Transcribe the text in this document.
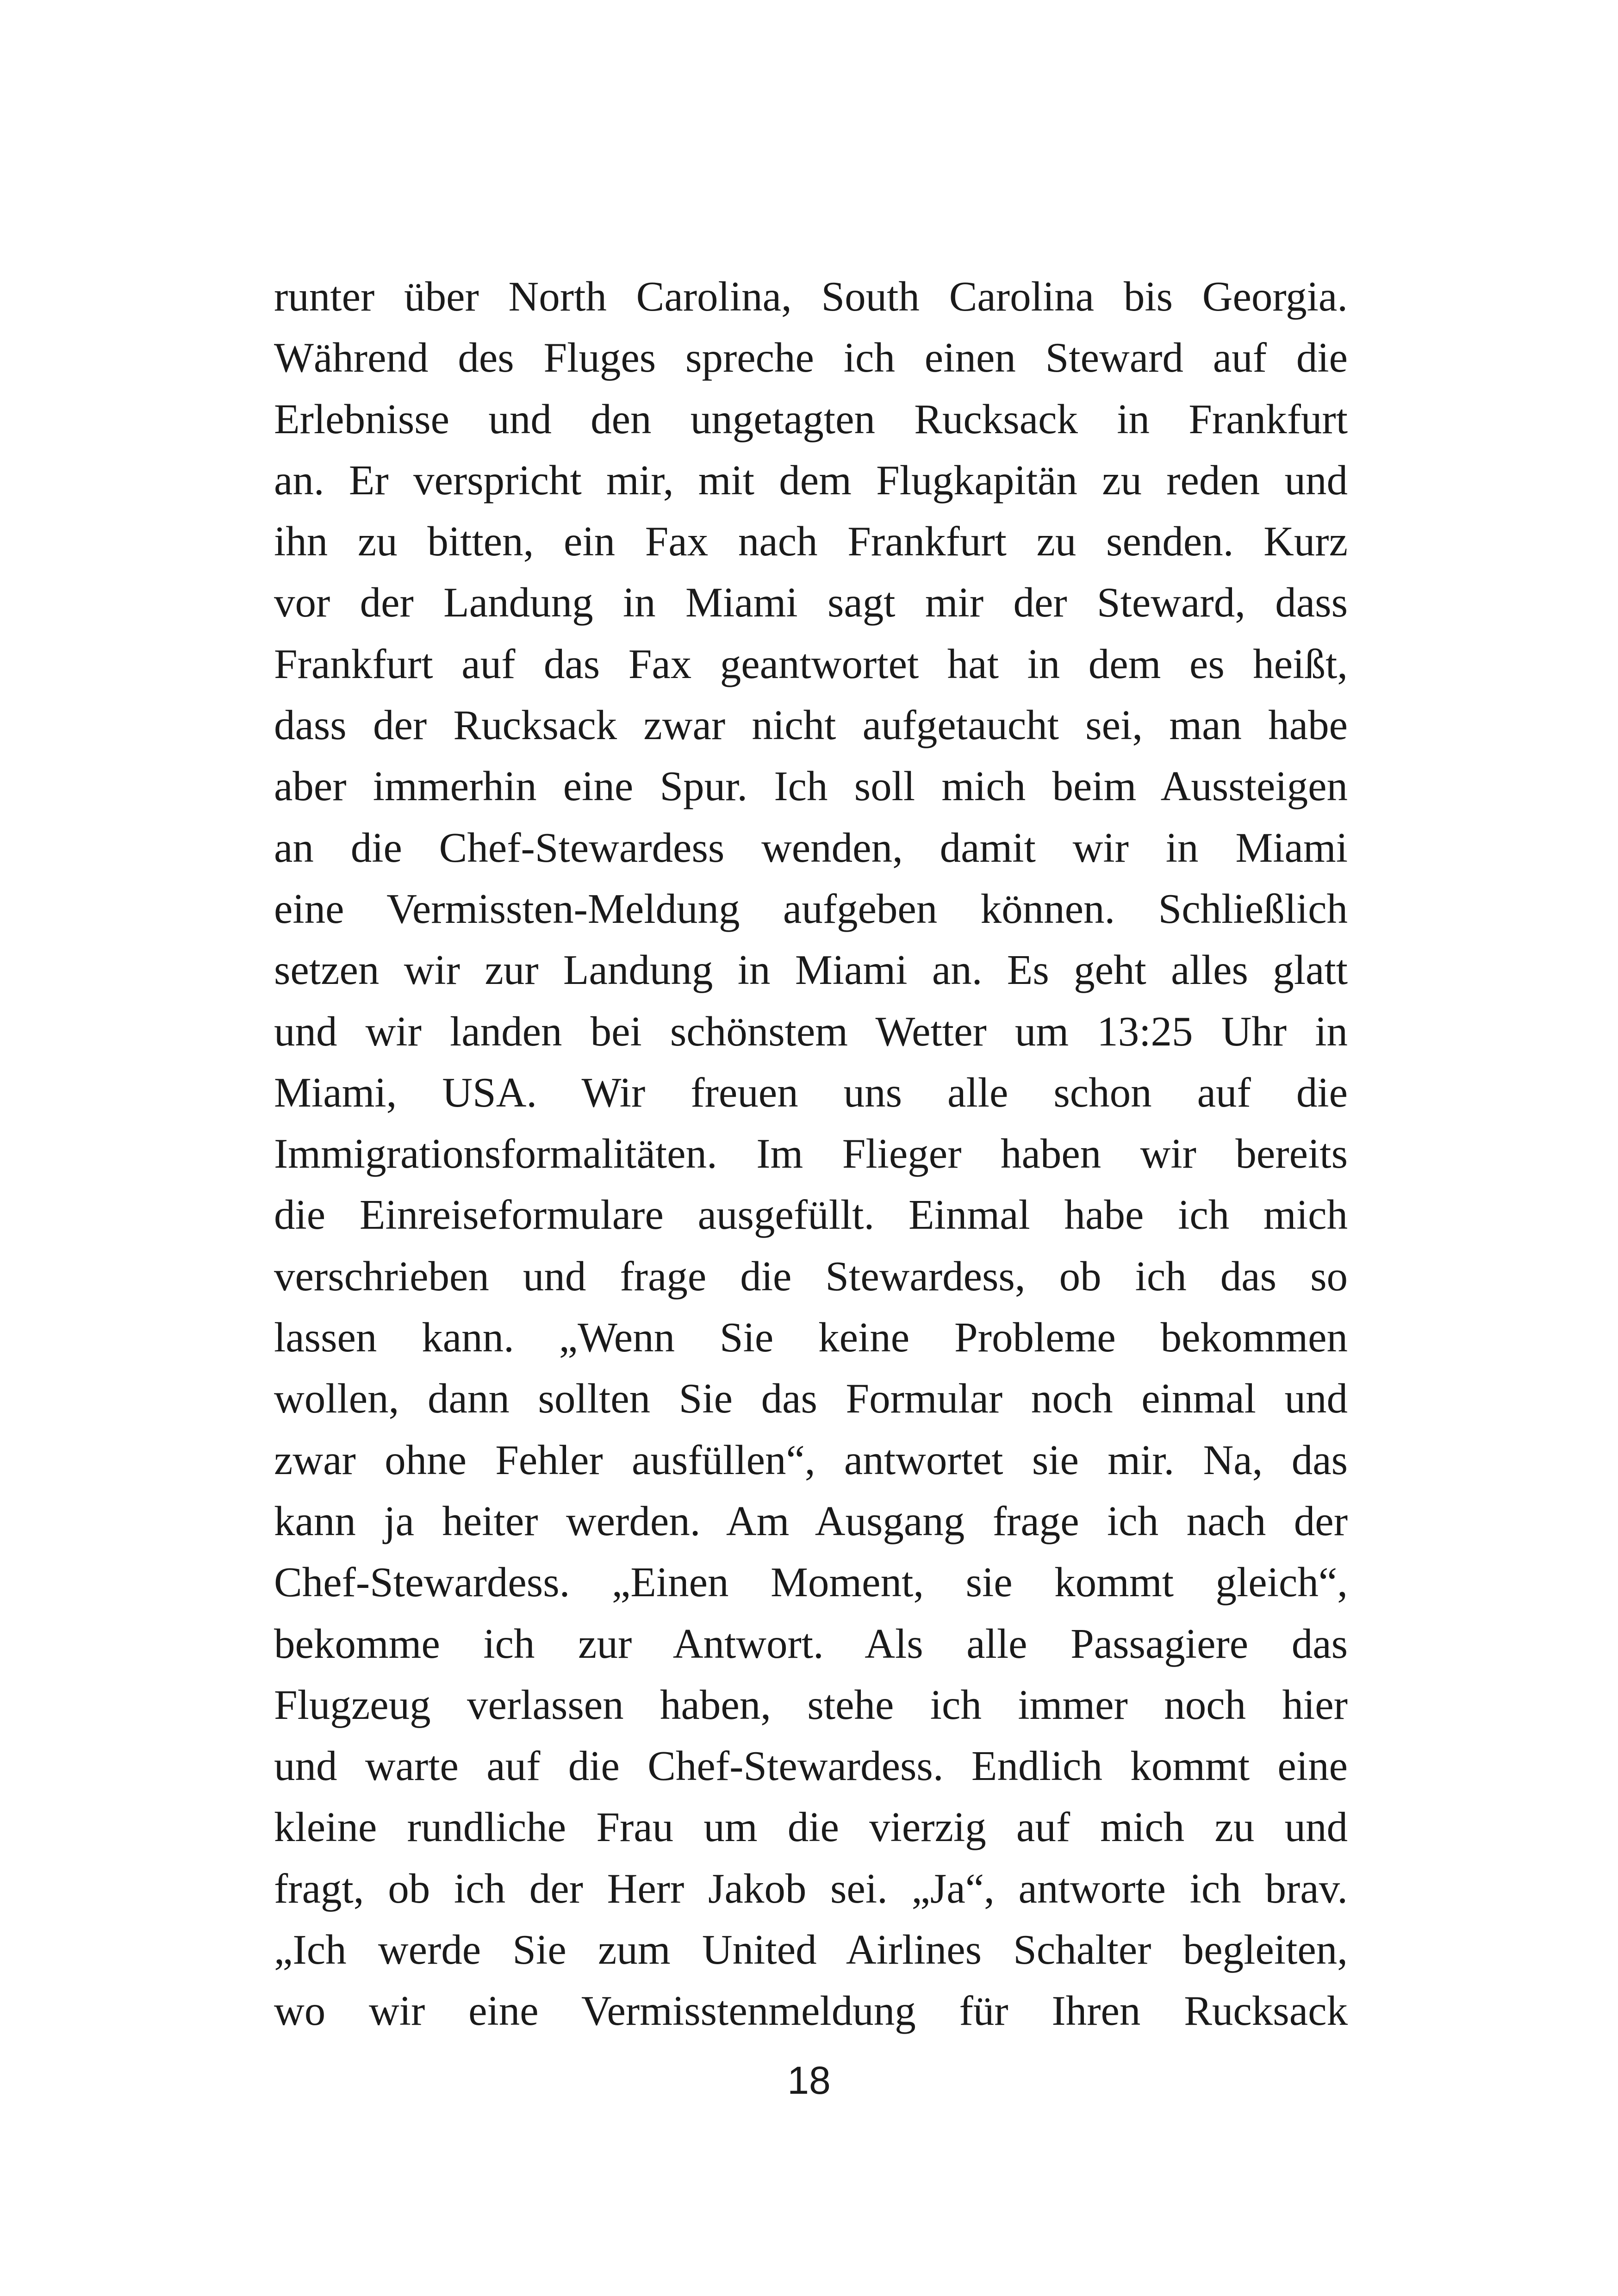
runter über North Carolina, South Carolina bis Georgia.
Während des Fluges spreche ich einen Steward auf die
Erlebnisse und den ungetagten Rucksack in Frankfurt
an. Er verspricht mir, mit dem Flugkapitän zu reden und
ihn zu bitten, ein Fax nach Frankfurt zu senden. Kurz
vor der Landung in Miami sagt mir der Steward, dass
Frankfurt auf das Fax geantwortet hat in dem es heißt,
dass der Rucksack zwar nicht aufgetaucht sei, man habe
aber immerhin eine Spur. Ich soll mich beim Aussteigen
an die Chef-Stewardess wenden, damit wir in Miami
eine Vermissten-Meldung aufgeben können. Schließlich
setzen wir zur Landung in Miami an. Es geht alles glatt
und wir landen bei schönstem Wetter um 13:25 Uhr in
Miami, USA. Wir freuen uns alle schon auf die
Immigrationsformalitäten. Im Flieger haben wir bereits
die Einreiseformulare ausgefüllt. Einmal habe ich mich
verschrieben und frage die Stewardess, ob ich das so
lassen kann. „Wenn Sie keine Probleme bekommen
wollen, dann sollten Sie das Formular noch einmal und
zwar ohne Fehler ausfüllen“, antwortet sie mir. Na, das
kann ja heiter werden. Am Ausgang frage ich nach der
Chef-Stewardess. „Einen Moment, sie kommt gleich“,
bekomme ich zur Antwort. Als alle Passagiere das
Flugzeug verlassen haben, stehe ich immer noch hier
und warte auf die Chef-Stewardess. Endlich kommt eine
kleine rundliche Frau um die vierzig auf mich zu und
fragt, ob ich der Herr Jakob sei. „Ja“, antworte ich brav.
„Ich werde Sie zum United Airlines Schalter begleiten,
wo wir eine Vermisstenmeldung für Ihren Rucksack
18
